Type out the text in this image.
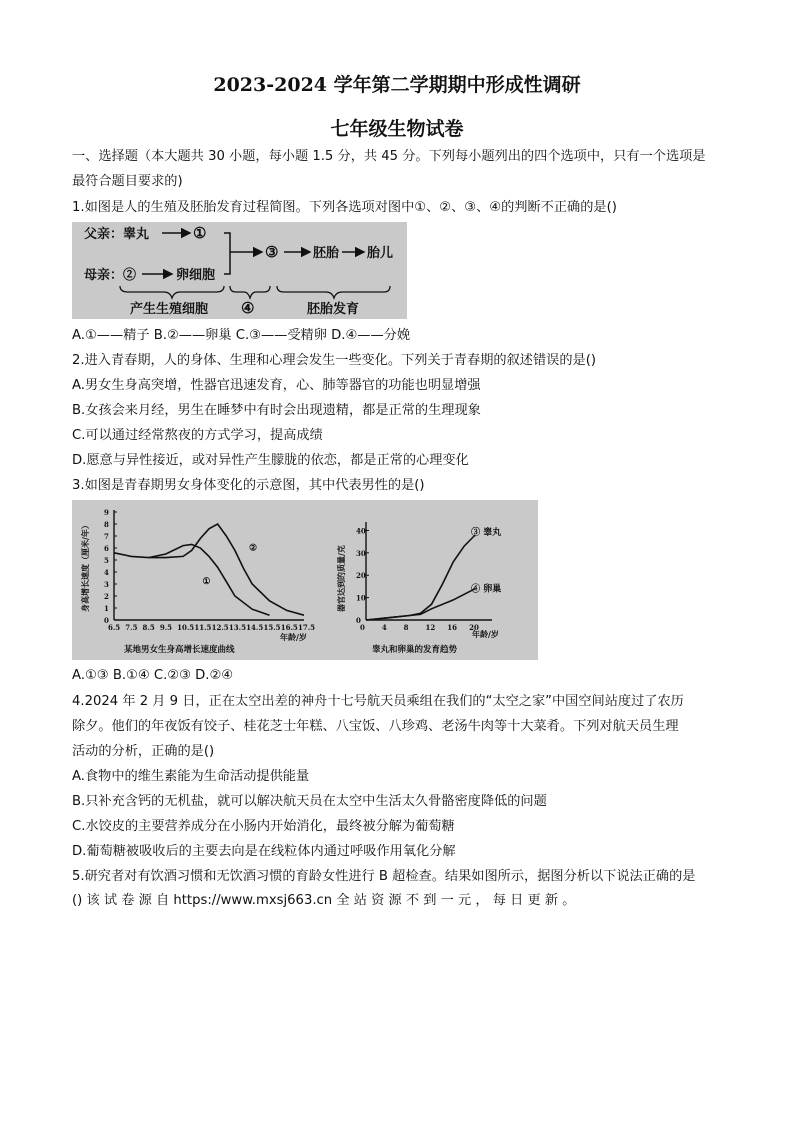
2023-2024 学年第二学期期中形成性调研
七年级生物试卷
一、选择题（本大题共 30 小题，每小题 1.5 分，共 45 分。下列每小题列出的四个选项中，只有一个选项是
最符合题目要求的)
1.如图是人的生殖及胚胎发育过程简图。下列各选项对图中①、②、③、④的判断不正确的是()
父亲：睾丸	①
母亲：②	卵细胞
③	胚胎 胎儿
产生生殖细胞 ④	胚胎发育
A.①——精子 B.②——卵巢 C.③——受精卵 D.④——分娩
2.进入青春期，人的身体、生理和心理会发生一些变化。下列关于青春期的叙述错误的是()
A.男女生身高突增，性器官迅速发育，心、肺等器官的功能也明显增强
B.女孩会来月经，男生在睡梦中有时会出现遗精，都是正常的生理现象
C.可以通过经常熬夜的方式学习，提高成绩
D.愿意与异性接近，或对异性产生朦胧的依恋，都是正常的心理变化
3.如图是青春期男女身体变化的示意图，其中代表男性的是()
身高增长速度（厘米/年）
年龄/岁
某地男女生身高增长速度曲线
6.5 7.5 8.5 9.5 10.5 11.5 12.5 13.5 14.5 15.5 16.5 17.5
0
1
2
3
4
5
6
7
8
9
①
②	器官达到的质量/克
年龄/岁
睾丸和卵巢的发育趋势
0 4 8 12 16 20
0
10
20
30
40	③ 睾丸
④ 卵巢
A.①③ B.①④ C.②③ D.②④
4.2024 年 2 月 9 日，正在太空出差的神舟十七号航天员乘组在我们的“太空之家”中国空间站度过了农历
除夕。他们的年夜饭有饺子、桂花芝士年糕、八宝饭、八珍鸡、老汤牛肉等十大菜肴。下列对航天员生理
活动的分析，正确的是()
A.食物中的维生素能为生命活动提供能量
B.只补充含钙的无机盐，就可以解决航天员在太空中生活太久骨骼密度降低的问题
C.水饺皮的主要营养成分在小肠内开始消化，最终被分解为葡萄糖
D.葡萄糖被吸收后的主要去向是在线粒体内通过呼吸作用氧化分解
5.研究者对有饮酒习惯和无饮酒习惯的育龄女性进行 B 超检查。结果如图所示，据图分析以下说法正确的是
() 该 试 卷 源 自 https://www.mxsj663.cn 全 站 资 源 不 到 一 元 ， 每 日 更 新 。
